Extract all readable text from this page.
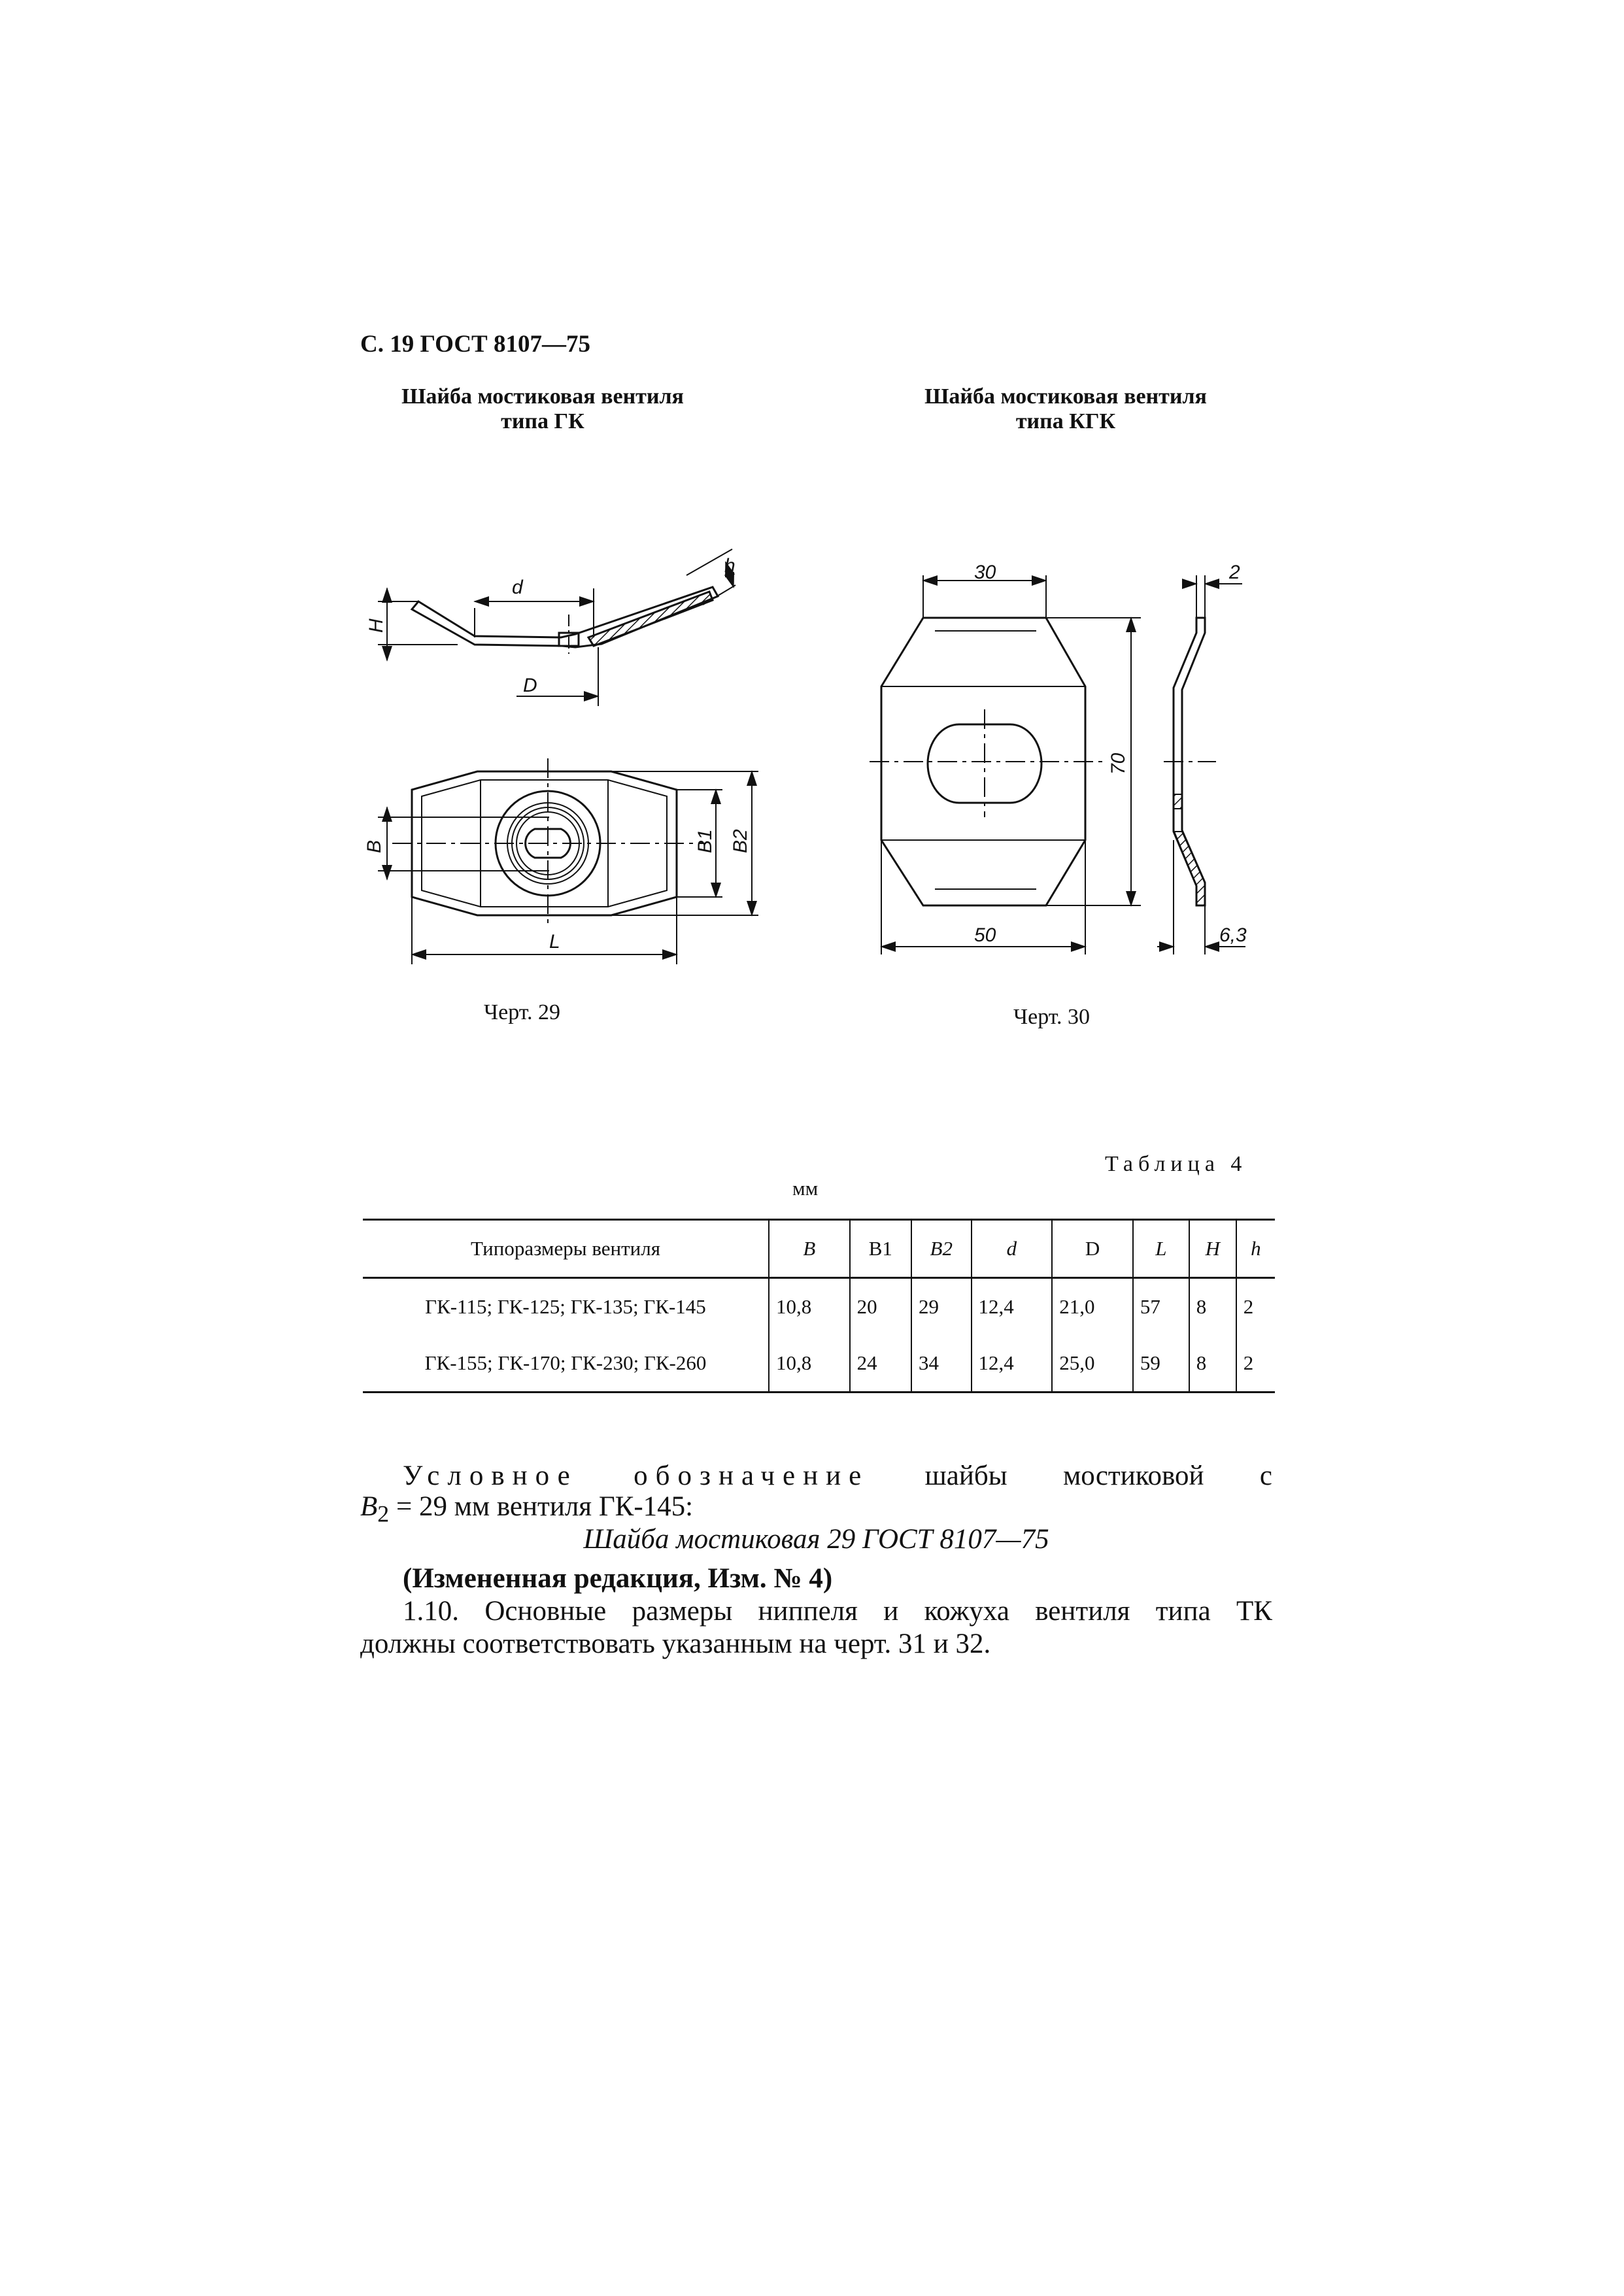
С. 19 ГОСТ 8107—75
Шайба мостиковая вентиля
типа ГК
Шайба мостиковая вентиля
типа КГК
d
h
H
D
B	B1 B2
L
30
70
50
2
6,3
Черт. 29	Черт. 30
Таблица 4
мм
Типоразмеры вентиля	B	B1	B2	d	D	L	H	h
ГК-115; ГК-125; ГК-135; ГК-145	10,8	20	29	12,4	21,0	57	8	2
ГК-155; ГК-170; ГК-230; ГК-260	10,8	24	34	12,4	25,0	59	8	2
Условное обозначение шайбы мостиковой с
$B_2 = 29$ мм вентиля ГК-145:
Шайба мостиковая 29 ГОСТ 8107—75
(Измененная редакция, Изм. № 4)
1.10. Основные размеры ниппеля и кожуха вентиля типа ТК
должны соответствовать указанным на черт. 31 и 32.
